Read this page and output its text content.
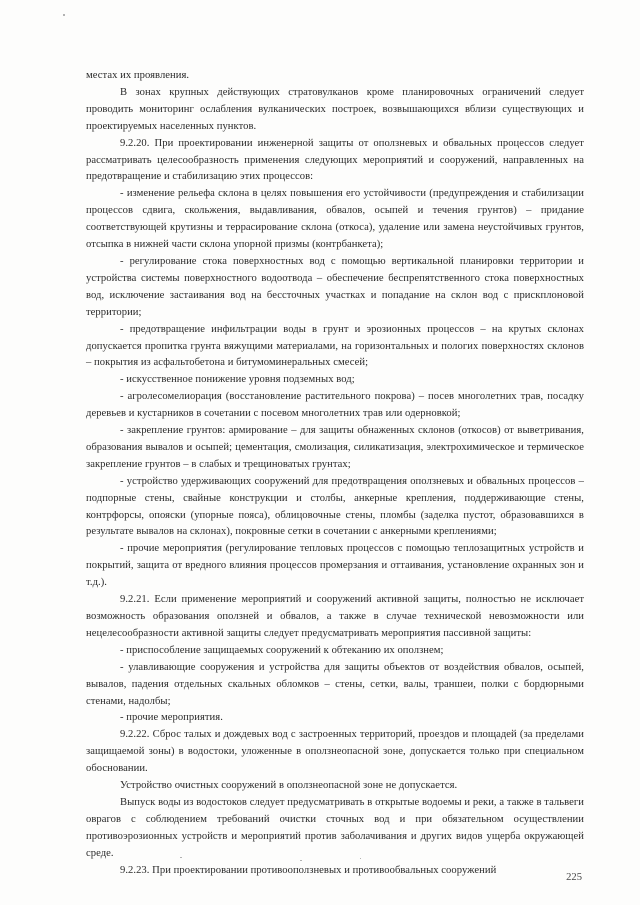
местах их проявления.

В зонах крупных действующих стратовулканов кроме планировочных ограничений следует проводить мониторинг ослабления вулканических построек, возвышающихся вблизи существующих и проектируемых населенных пунктов.

9.2.20. При проектировании инженерной защиты от оползневых и обвальных процессов следует рассматривать целесообразность применения следующих мероприятий и сооружений, направленных на предотвращение и стабилизацию этих процессов:

- изменение рельефа склона в целях повышения его устойчивости (предупреждения и стабилизации процессов сдвига, скольжения, выдавливания, обвалов, осыпей и течения грунтов) – придание соответствующей крутизны и террасирование склона (откоса), удаление или замена неустойчивых грунтов, отсыпка в нижней части склона упорной призмы (контрбанкета);

- регулирование стока поверхностных вод с помощью вертикальной планировки территории и устройства системы поверхностного водоотвода – обеспечение беспрепятственного стока поверхностных вод, исключение застаивания вод на бессточных участках и попадание на склон вод с прискплоновой территории;

- предотвращение инфильтрации воды в грунт и эрозионных процессов – на крутых склонах допускается пропитка грунта вяжущими материалами, на горизонтальных и пологих поверхностях склонов – покрытия из асфальтобетона и битумоминеральных смесей;

- искусственное понижение уровня подземных вод;

- агролесомелиорация (восстановление растительного покрова) – посев многолетних трав, посадку деревьев и кустарников в сочетании с посевом многолетних трав или одерновкой;

- закрепление грунтов: армирование – для защиты обнаженных склонов (откосов) от выветривания, образования вывалов и осыпей; цементация, смолизация, силикатизация, электрохимическое и термическое закрепление грунтов – в слабых и трещиноватых грунтах;

- устройство удерживающих сооружений для предотвращения оползневых и обвальных процессов – подпорные стены, свайные конструкции и столбы, анкерные крепления, поддерживающие стены, контрфорсы, опояски (упорные пояса), облицовочные стены, пломбы (заделка пустот, образовавшихся в результате вывалов на склонах), покровные сетки в сочетании с анкерными креплениями;

- прочие мероприятия (регулирование тепловых процессов с помощью теплозащитных устройств и покрытий, защита от вредного влияния процессов промерзания и оттаивания, установление охранных зон и т.д.).

9.2.21. Если применение мероприятий и сооружений активной защиты, полностью не исключает возможность образования оползней и обвалов, а также в случае технической невозможности или нецелесообразности активной защиты следует предусматривать мероприятия пассивной защиты:

- приспособление защищаемых сооружений к обтеканию их оползнем;

- улавливающие сооружения и устройства для защиты объектов от воздействия обвалов, осыпей, вывалов, падения отдельных скальных обломков – стены, сетки, валы, траншеи, полки с бордюрными стенами, надолбы;

- прочие мероприятия.

9.2.22. Сброс талых и дождевых вод с застроенных территорий, проездов и площадей (за пределами защищаемой зоны) в водостоки, уложенные в оползнеопасной зоне, допускается только при специальном обосновании.

Устройство очистных сооружений в оползнеопасной зоне не допускается.

Выпуск воды из водостоков следует предусматривать в открытые водоемы и реки, а также в тальвеги оврагов с соблюдением требований очистки сточных вод и при обязательном осуществлении противоэрозионных устройств и мероприятий против заболачивания и других видов ущерба окружающей среде.

9.2.23. При проектировании противооползневых и противообвальных сооружений

225
